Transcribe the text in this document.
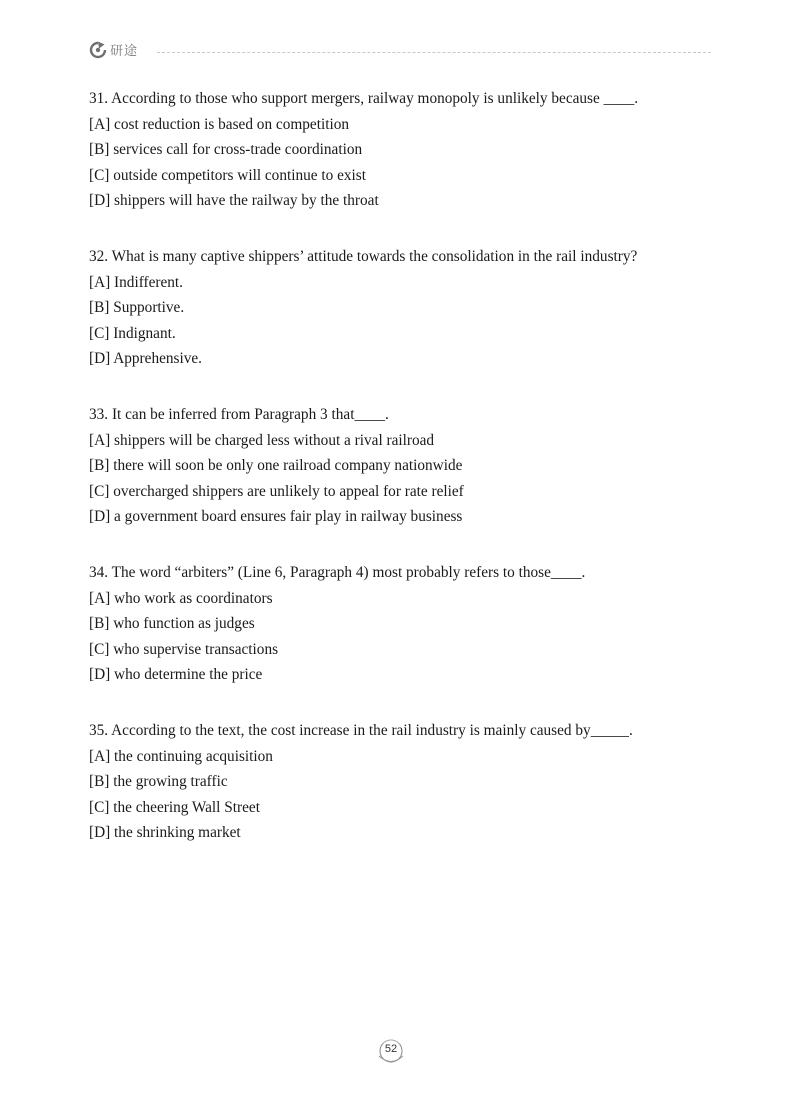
研途
31. According to those who support mergers, railway monopoly is unlikely because ____.
[A] cost reduction is based on competition
[B] services call for cross-trade coordination
[C] outside competitors will continue to exist
[D] shippers will have the railway by the throat
32. What is many captive shippers’ attitude towards the consolidation in the rail industry?
[A] Indifferent.
[B] Supportive.
[C] Indignant.
[D] Apprehensive.
33. It can be inferred from Paragraph 3 that____.
[A] shippers will be charged less without a rival railroad
[B] there will soon be only one railroad company nationwide
[C] overcharged shippers are unlikely to appeal for rate relief
[D] a government board ensures fair play in railway business
34. The word “arbiters” (Line 6, Paragraph 4) most probably refers to those____.
[A] who work as coordinators
[B] who function as judges
[C] who supervise transactions
[D] who determine the price
35. According to the text, the cost increase in the rail industry is mainly caused by_____.
[A] the continuing acquisition
[B] the growing traffic
[C] the cheering Wall Street
[D] the shrinking market
52
